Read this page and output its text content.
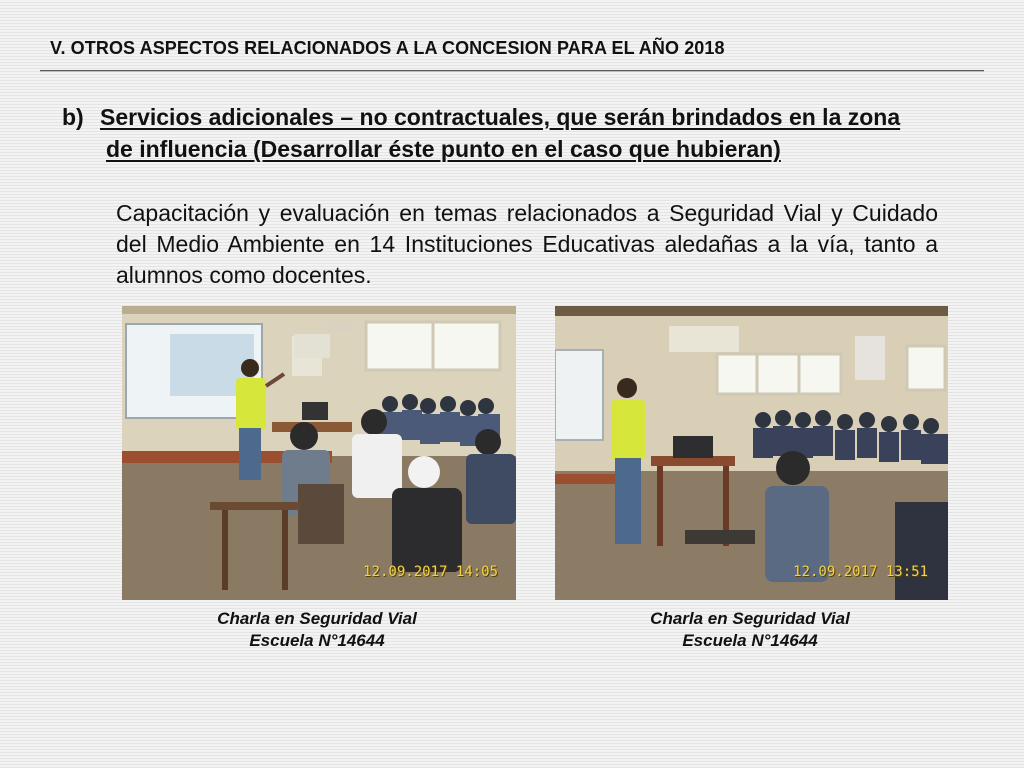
V. OTROS ASPECTOS RELACIONADOS A LA CONCESION PARA EL AÑO 2018
b) Servicios adicionales – no contractuales, que serán brindados en la zona
de influencia (Desarrollar éste punto en el caso que hubieran)
Capacitación y evaluación en temas relacionados a Seguridad Vial y Cuidado del Medio Ambiente en 14 Instituciones Educativas aledañas a la vía, tanto a alumnos como docentes.
12.09.2017 14:05	12.09.2017 13:51
Charla en Seguridad Vial
Escuela N°14644
Charla en Seguridad Vial
Escuela N°14644
